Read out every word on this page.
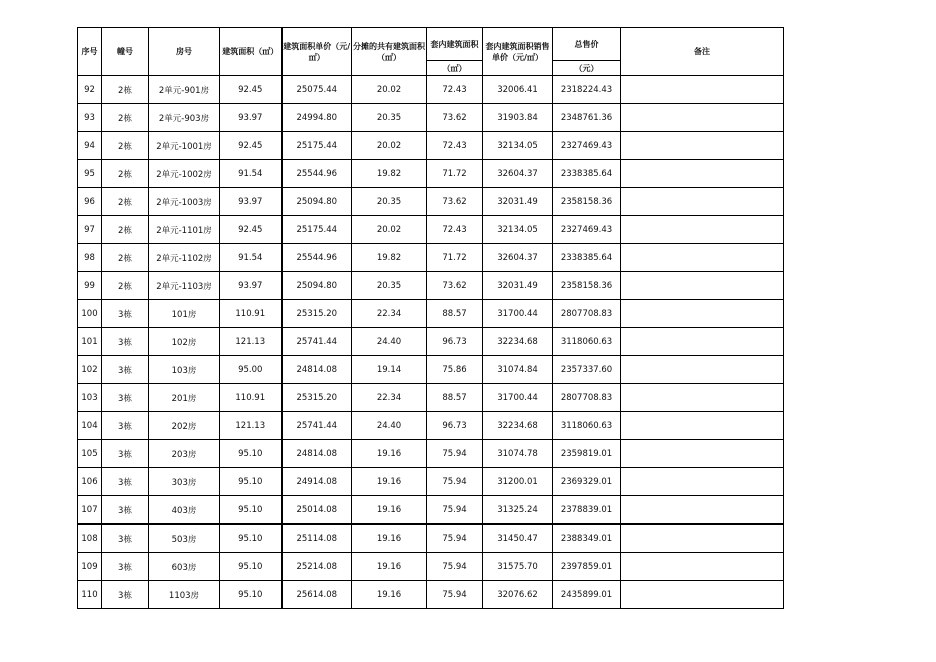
序号	幢号	房号	建筑面积（㎡）	建筑面积单价（元/㎡）	分摊的共有建筑面积（㎡）	套内建筑面积	套内建筑面积销售单价（元/㎡）	总售价	备注
						（㎡）		（元）	
92	2栋	2单元-901房	92.45	25075.44	20.02	72.43	32006.41	2318224.43	
93	2栋	2单元-903房	93.97	24994.80	20.35	73.62	31903.84	2348761.36	
94	2栋	2单元-1001房	92.45	25175.44	20.02	72.43	32134.05	2327469.43	
95	2栋	2单元-1002房	91.54	25544.96	19.82	71.72	32604.37	2338385.64	
96	2栋	2单元-1003房	93.97	25094.80	20.35	73.62	32031.49	2358158.36	
97	2栋	2单元-1101房	92.45	25175.44	20.02	72.43	32134.05	2327469.43	
98	2栋	2单元-1102房	91.54	25544.96	19.82	71.72	32604.37	2338385.64	
99	2栋	2单元-1103房	93.97	25094.80	20.35	73.62	32031.49	2358158.36	
100	3栋	101房	110.91	25315.20	22.34	88.57	31700.44	2807708.83	
101	3栋	102房	121.13	25741.44	24.40	96.73	32234.68	3118060.63	
102	3栋	103房	95.00	24814.08	19.14	75.86	31074.84	2357337.60	
103	3栋	201房	110.91	25315.20	22.34	88.57	31700.44	2807708.83	
104	3栋	202房	121.13	25741.44	24.40	96.73	32234.68	3118060.63	
105	3栋	203房	95.10	24814.08	19.16	75.94	31074.78	2359819.01	
106	3栋	303房	95.10	24914.08	19.16	75.94	31200.01	2369329.01	
107	3栋	403房	95.10	25014.08	19.16	75.94	31325.24	2378839.01	
108	3栋	503房	95.10	25114.08	19.16	75.94	31450.47	2388349.01	
109	3栋	603房	95.10	25214.08	19.16	75.94	31575.70	2397859.01	
110	3栋	1103房	95.10	25614.08	19.16	75.94	32076.62	2435899.01	
